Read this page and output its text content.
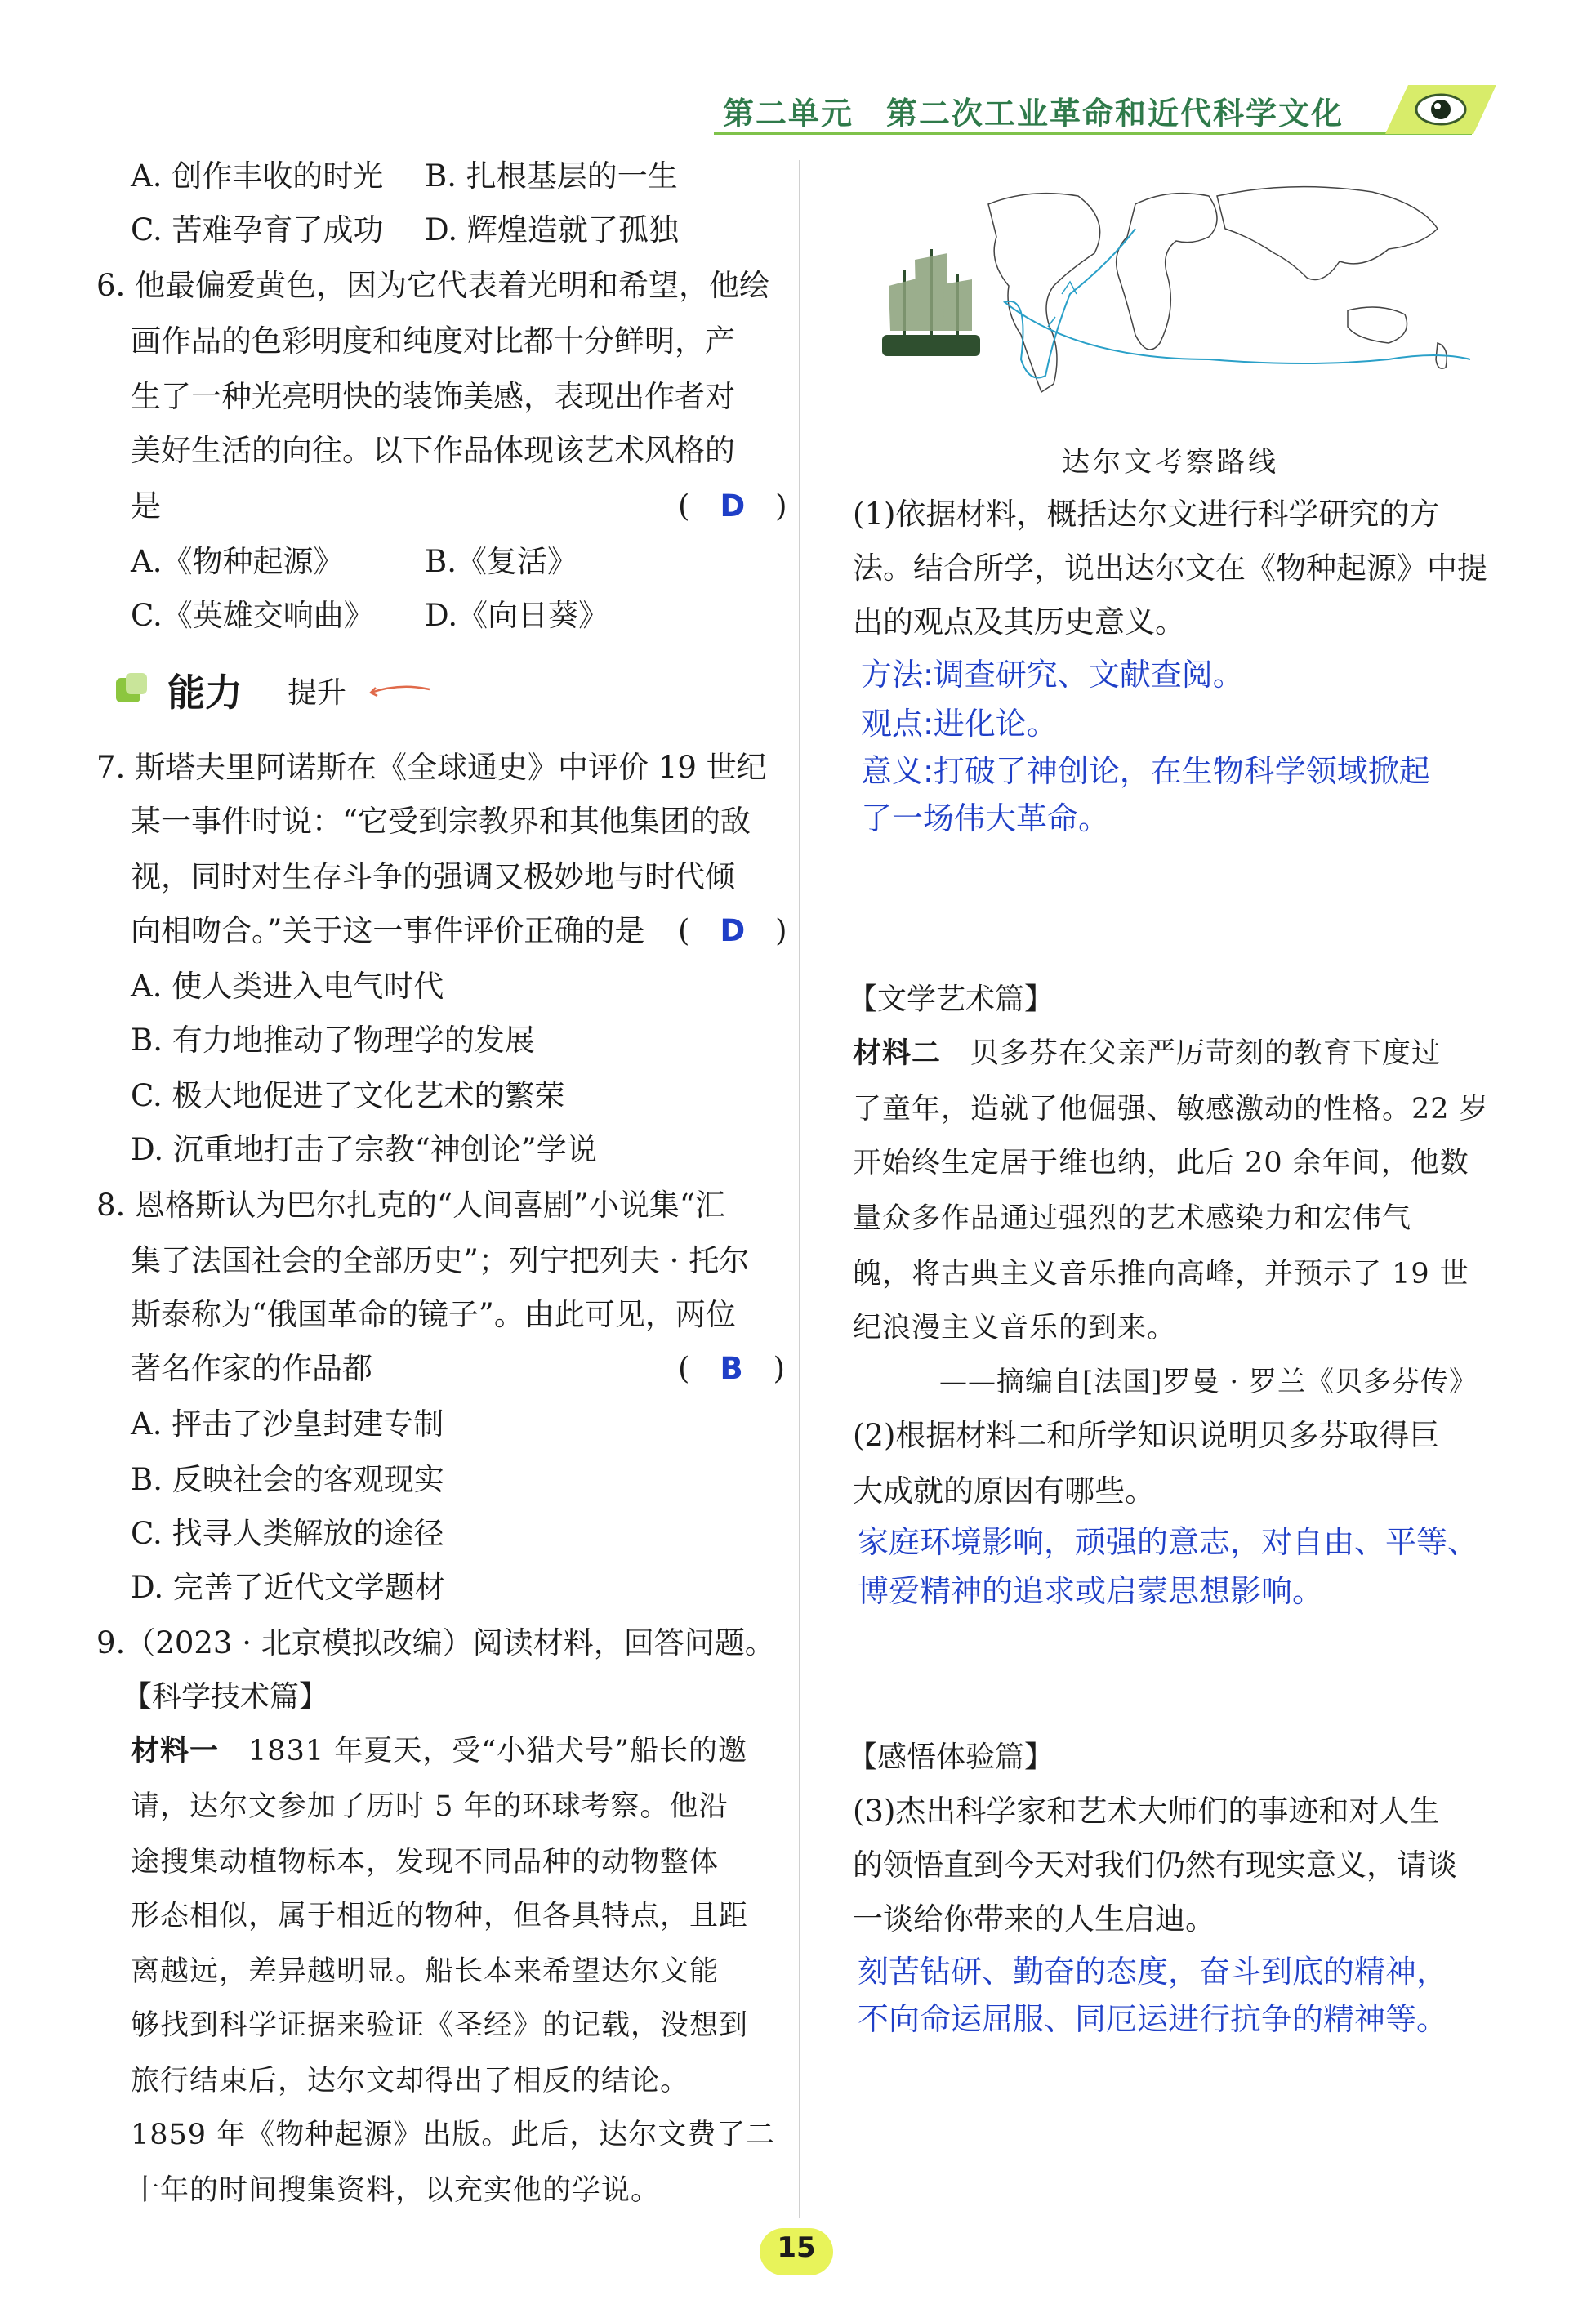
第二单元　第二次工业革命和近代科学文化
A. 创作丰收的时光 B. 扎根基层的一生
C. 苦难孕育了成功 D. 辉煌造就了孤独
6. 他最偏爱黄色，因为它代表着光明和希望，他绘
画作品的色彩明度和纯度对比都十分鲜明，产
生了一种光亮明快的装饰美感，表现出作者对
美好生活的向往。以下作品体现该艺术风格的
是	(　D　)
A.《物种起源》	B.《复活》
C.《英雄交响曲》 D.《向日葵》
能力 提升
7. 斯塔夫里阿诺斯在《全球通史》中评价 19 世纪
某一事件时说：“它受到宗教界和其他集团的敌
视，同时对生存斗争的强调又极妙地与时代倾
向相吻合。”关于这一事件评价正确的是 (　D　)
A. 使人类进入电气时代
B. 有力地推动了物理学的发展
C. 极大地促进了文化艺术的繁荣
D. 沉重地打击了宗教“神创论”学说
8. 恩格斯认为巴尔扎克的“人间喜剧”小说集“汇
集了法国社会的全部历史”；列宁把列夫 · 托尔
斯泰称为“俄国革命的镜子”。由此可见，两位
著名作家的作品都	(　B　)
A. 抨击了沙皇封建专制
B. 反映社会的客观现实
C. 找寻人类解放的途径
D. 完善了近代文学题材
9.（2023 · 北京模拟改编）阅读材料，回答问题。
【科学技术篇】
材料一　 1831 年夏天，受“小猎犬号”船长的邀
请，达尔文参加了历时 5 年的环球考察。他沿
途搜集动植物标本，发现不同品种的动物整体
形态相似，属于相近的物种，但各具特点，且距
离越远，差异越明显。船长本来希望达尔文能
够找到科学证据来验证《圣经》的记载，没想到
旅行结束后，达尔文却得出了相反的结论。
1859 年《物种起源》出版。此后，达尔文费了二
十年的时间搜集资料，以充实他的学说。
达尔文考察路线
(1)依据材料，概括达尔文进行科学研究的方
法。结合所学，说出达尔文在《物种起源》中提
出的观点及其历史意义。
方法:调查研究、文献查阅。
观点:进化论。
意义:打破了神创论，在生物科学领域掀起
了一场伟大革命。
【文学艺术篇】
材料二　 贝多芬在父亲严厉苛刻的教育下度过
了童年，造就了他倔强、敏感激动的性格。22 岁
开始终生定居于维也纳，此后 20 余年间，他数
量众多作品通过强烈的艺术感染力和宏伟气
魄，将古典主义音乐推向高峰，并预示了 19 世
纪浪漫主义音乐的到来。
——摘编自[法国]罗曼 · 罗兰《贝多芬传》
(2)根据材料二和所学知识说明贝多芬取得巨
大成就的原因有哪些。
家庭环境影响，顽强的意志，对自由、平等、
博爱精神的追求或启蒙思想影响。
【感悟体验篇】
(3)杰出科学家和艺术大师们的事迹和对人生
的领悟直到今天对我们仍然有现实意义，请谈
一谈给你带来的人生启迪。
刻苦钻研、勤奋的态度，奋斗到底的精神，
不向命运屈服、同厄运进行抗争的精神等。
15
